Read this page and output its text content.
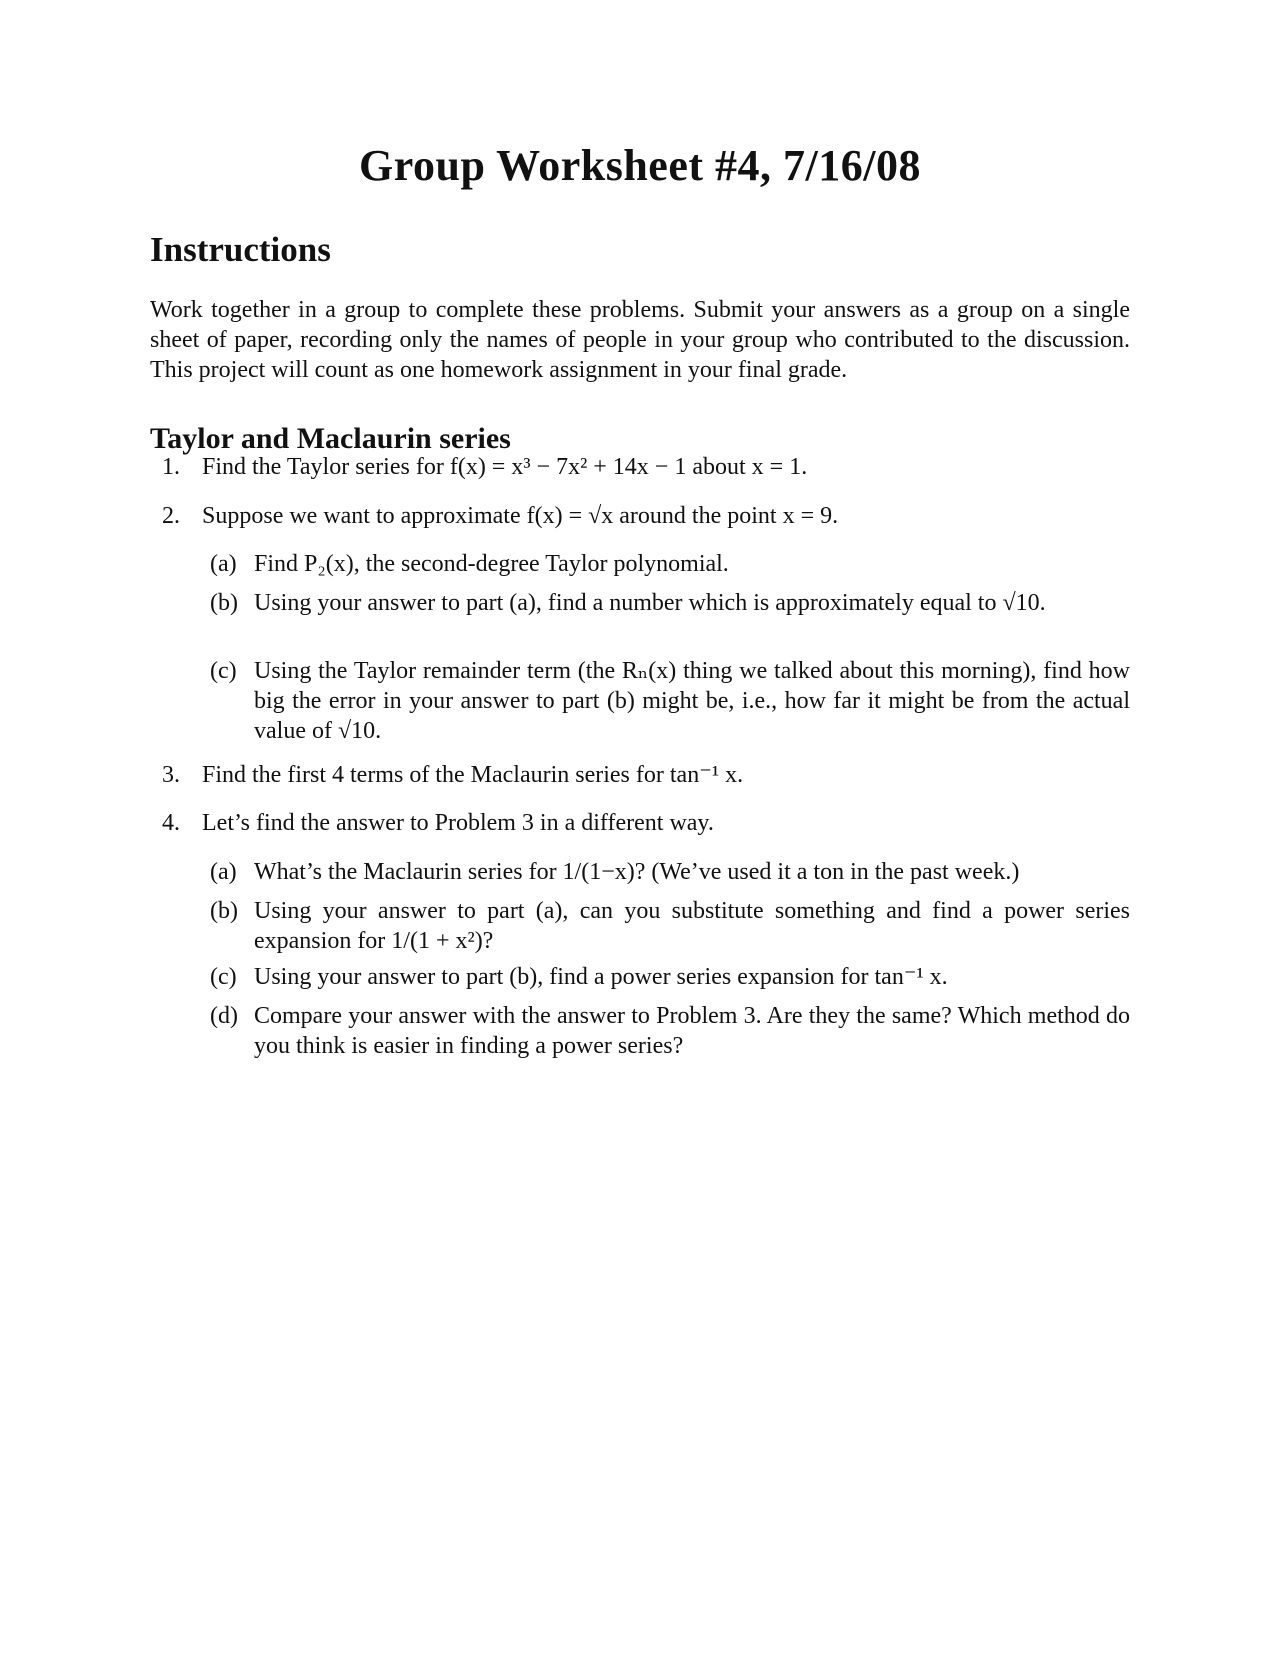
Group Worksheet #4, 7/16/08
Instructions

Work together in a group to complete these problems. Submit your answers as a group on a single sheet of paper, recording only the names of people in your group who contributed to the discussion. This project will count as one homework assignment in your final grade.

Taylor and Maclaurin series
1. Find the Taylor series for f(x) = x³ − 7x² + 14x − 1 about x = 1.
2. Suppose we want to approximate f(x) = √x around the point x = 9.
(a) Find P₂(x), the second-degree Taylor polynomial.
(b) Using your answer to part (a), find a number which is approximately equal to √10.
(c) Using the Taylor remainder term (the Rₙ(x) thing we talked about this morning), find how big the error in your answer to part (b) might be, i.e., how far it might be from the actual value of √10.
3. Find the first 4 terms of the Maclaurin series for tan⁻¹ x.
4. Let’s find the answer to Problem 3 in a different way.
(a) What’s the Maclaurin series for 1/(1−x)? (We’ve used it a ton in the past week.)
(b) Using your answer to part (a), can you substitute something and find a power series expansion for 1/(1 + x²)?
(c) Using your answer to part (b), find a power series expansion for tan⁻¹ x.
(d) Compare your answer with the answer to Problem 3. Are they the same? Which method do you think is easier in finding a power series?
